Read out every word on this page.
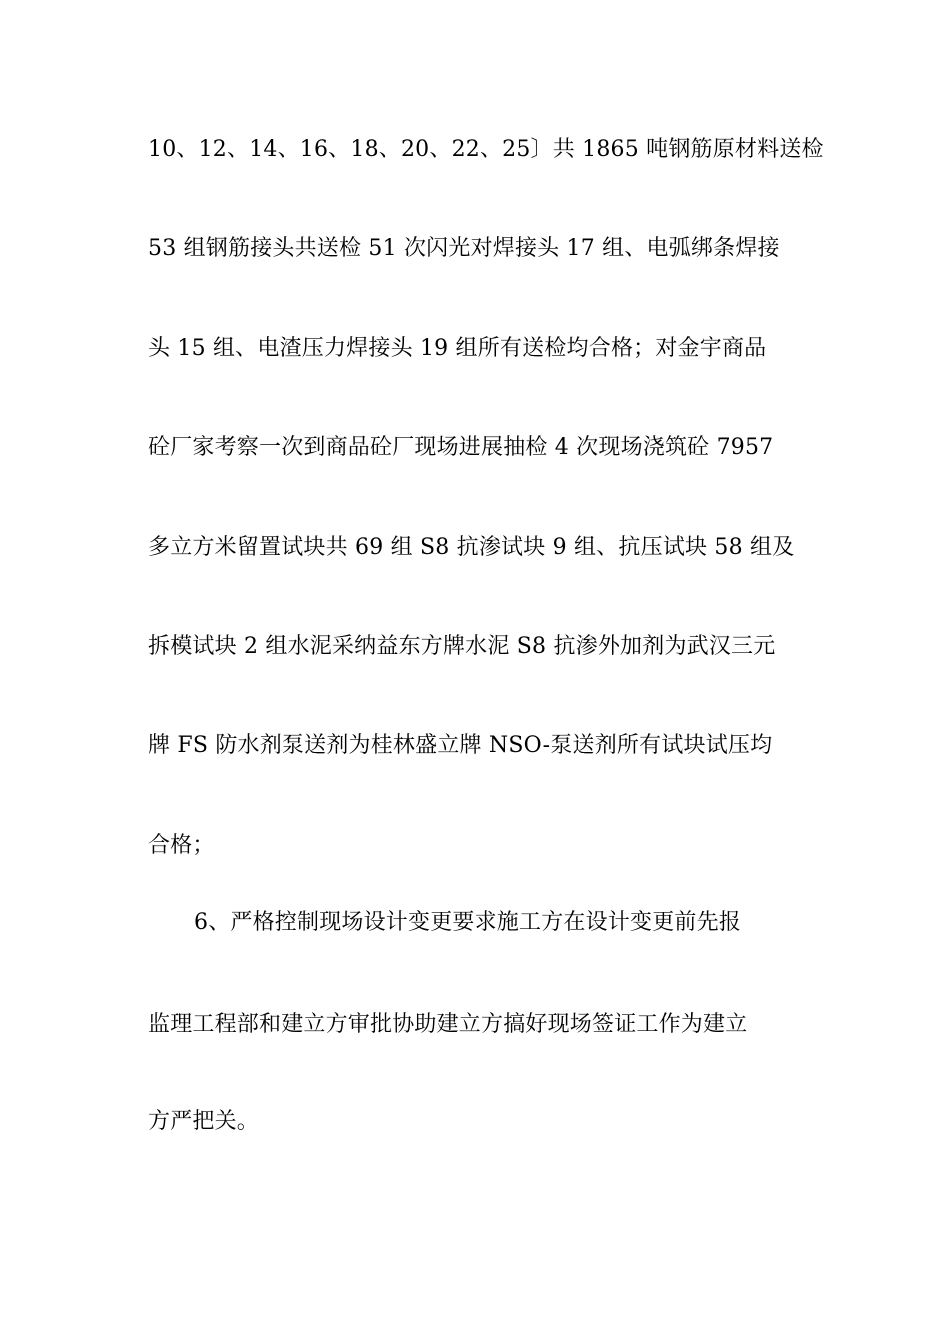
10、12、14、16、18、20、22、25〕共 1865 吨钢筋原材料送检
53 组钢筋接头共送检 51 次闪光对焊接头 17 组、电弧绑条焊接
头 15 组、电渣压力焊接头 19 组所有送检均合格；对金宇商品
砼厂家考察一次到商品砼厂现场进展抽检 4 次现场浇筑砼 7957
多立方米留置试块共 69 组 S8 抗渗试块 9 组、抗压试块 58 组及
拆模试块 2 组水泥采纳益东方牌水泥 S8 抗渗外加剂为武汉三元
牌 FS 防水剂泵送剂为桂林盛立牌 NSO-泵送剂所有试块试压均
合格；
6、严格控制现场设计变更要求施工方在设计变更前先报
监理工程部和建立方审批协助建立方搞好现场签证工作为建立
方严把关。
